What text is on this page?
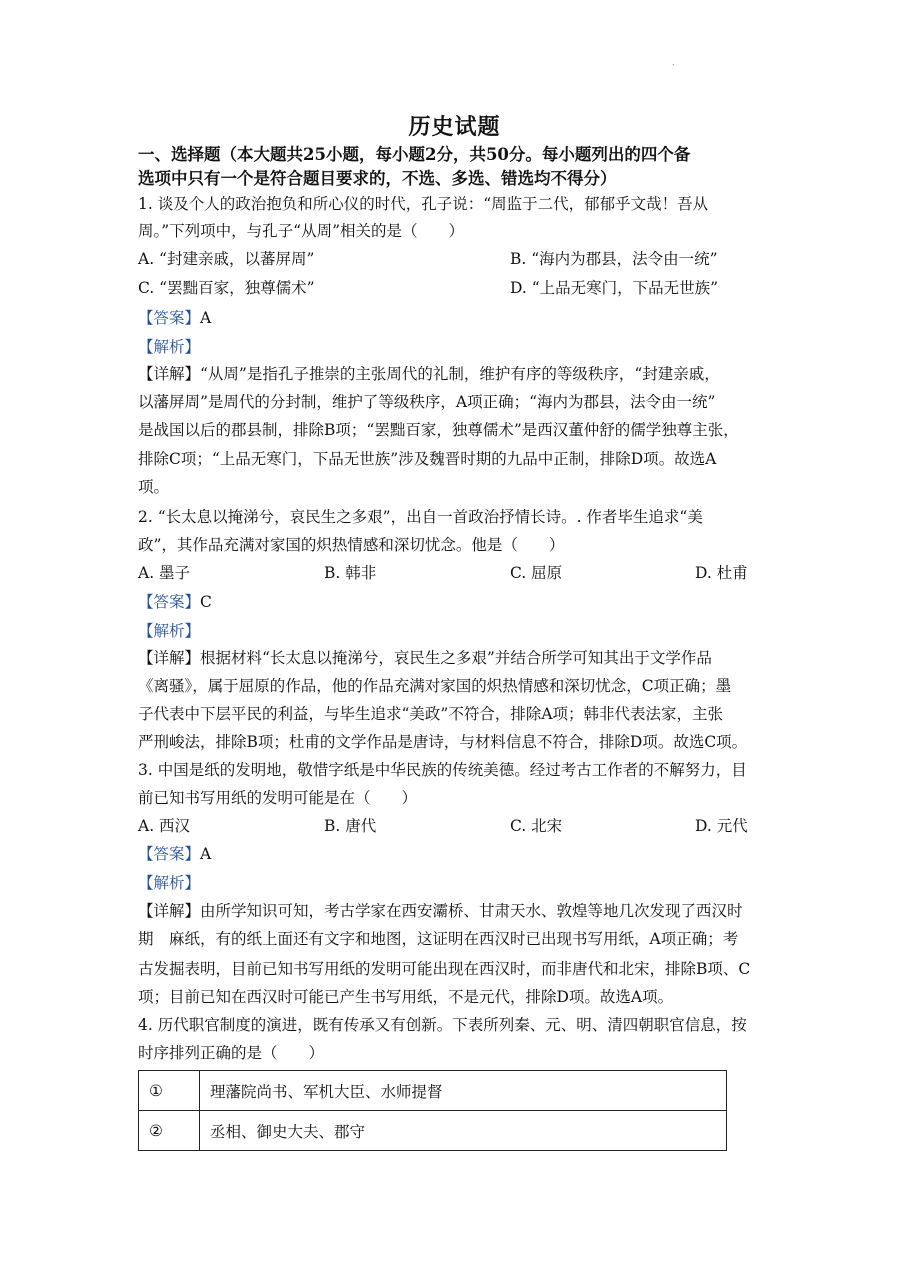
.
历史试题
一、选择题（本大题共25小题，每小题2分，共50分。每小题列出的四个备
选项中只有一个是符合题目要求的，不选、多选、错选均不得分）
1. 谈及个人的政治抱负和所心仪的时代，孔子说：“周监于二代，郁郁乎文哉！吾从
周。”下列项中，与孔子“从周”相关的是（　　）
A. “封建亲戚，以蕃屏周”	B. “海内为郡县，法令由一统”
C. “罢黜百家，独尊儒术”	D. “上品无寒门，下品无世族”
【答案】A
【解析】
【详解】“从周”是指孔子推崇的主张周代的礼制，维护有序的等级秩序，“封建亲戚，
以藩屏周”是周代的分封制，维护了等级秩序，A项正确；“海内为郡县，法令由一统”
是战国以后的郡县制，排除B项；“罢黜百家，独尊儒术”是西汉董仲舒的儒学独尊主张，
排除C项；“上品无寒门，下品无世族”涉及魏晋时期的九品中正制，排除D项。故选A
项。
2. “长太息以掩涕兮，哀民生之多艰”，出自一首政治抒情长诗。. 作者毕生追求“美
政”，其作品充满对家国的炽热情感和深切忧念。他是（　　）
A. 墨子	B. 韩非	C. 屈原	D. 杜甫
【答案】C
【解析】
【详解】根据材料“长太息以掩涕兮，哀民生之多艰”并结合所学可知其出于文学作品
《离骚》，属于屈原的作品，他的作品充满对家国的炽热情感和深切忧念，C项正确；墨
子代表中下层平民的利益，与毕生追求“美政”不符合，排除A项；韩非代表法家，主张
严刑峻法，排除B项；杜甫的文学作品是唐诗，与材料信息不符合，排除D项。故选C项。
3. 中国是纸的发明地，敬惜字纸是中华民族的传统美德。经过考古工作者的不解努力，目
前已知书写用纸的发明可能是在（　　）
A. 西汉	B. 唐代	C. 北宋	D. 元代
【答案】A
【解析】
【详解】由所学知识可知，考古学家在西安灞桥、甘肃天水、敦煌等地几次发现了西汉时
期　麻纸，有的纸上面还有文字和地图，这证明在西汉时已出现书写用纸，A项正确；考
古发掘表明，目前已知书写用纸的发明可能出现在西汉时，而非唐代和北宋，排除B项、C
项；目前已知在西汉时可能已产生书写用纸，不是元代，排除D项。故选A项。
4. 历代职官制度的演进，既有传承又有创新。下表所列秦、元、明、清四朝职官信息，按
时序排列正确的是（　　）
①	理藩院尚书、军机大臣、水师提督
②	丞相、御史大夫、郡守
